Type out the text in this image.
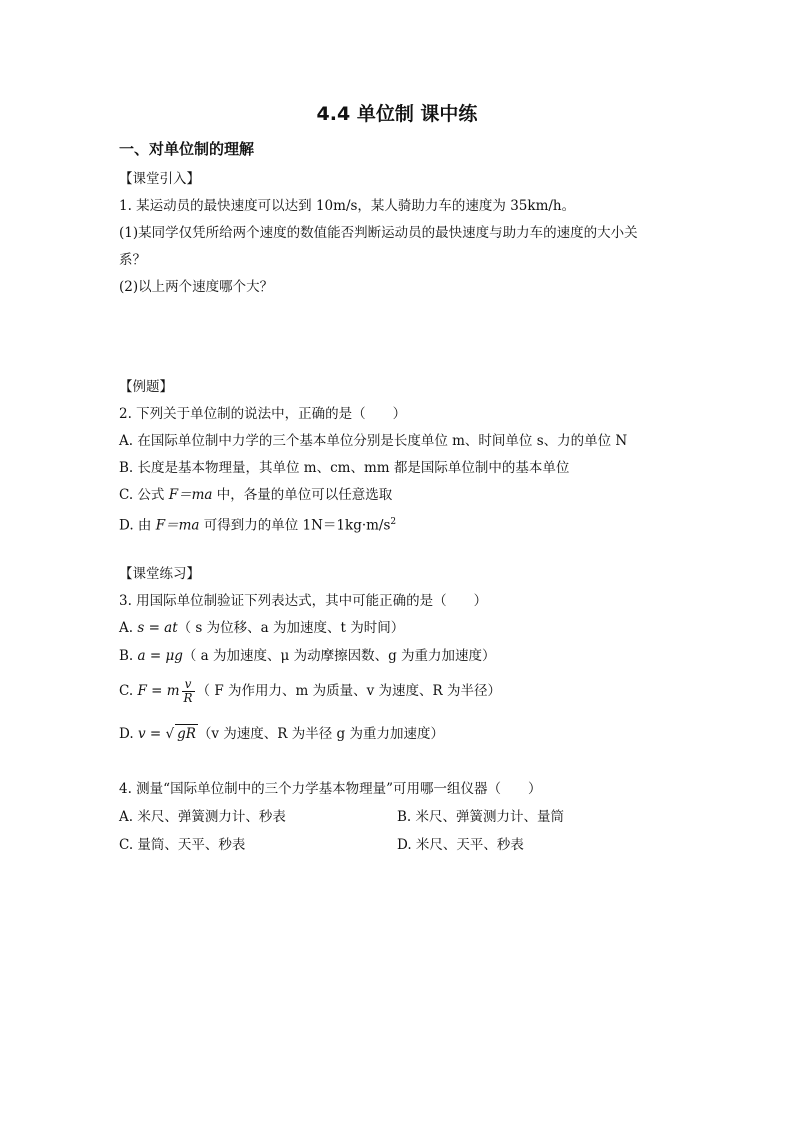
4.4 单位制 课中练
一、对单位制的理解
【课堂引入】
1. 某运动员的最快速度可以达到 10m/s，某人骑助力车的速度为 35km/h。
(1)某同学仅凭所给两个速度的数值能否判断运动员的最快速度与助力车的速度的大小关
系？
(2)以上两个速度哪个大？
【例题】
2. 下列关于单位制的说法中，正确的是（　　）
A. 在国际单位制中力学的三个基本单位分别是长度单位 m、时间单位 s、力的单位 N
B. 长度是基本物理量，其单位 m、cm、mm 都是国际单位制中的基本单位
C. 公式 F＝ma 中，各量的单位可以任意选取
D. 由 F＝ma 可得到力的单位 $1N=1kg\cdot m/s^2$
【课堂练习】
3. 用国际单位制验证下列表达式，其中可能正确的是（　　）
A. s = at（ s 为位移、a 为加速度、t 为时间）
B. a = μg（ a 为加速度、μ 为动摩擦因数、g 为重力加速度）
C. F = m $\frac{v}{R}$ （ F 为作用力、m 为质量、v 为速度、R 为半径）
D. v = √ gR （v 为速度、R 为半径 g 为重力加速度）
4. 测量“国际单位制中的三个力学基本物理量”可用哪一组仪器（　　）
A. 米尺、弹簧测力计、秒表	B. 米尺、弹簧测力计、量筒
C. 量筒、天平、秒表	D. 米尺、天平、秒表
